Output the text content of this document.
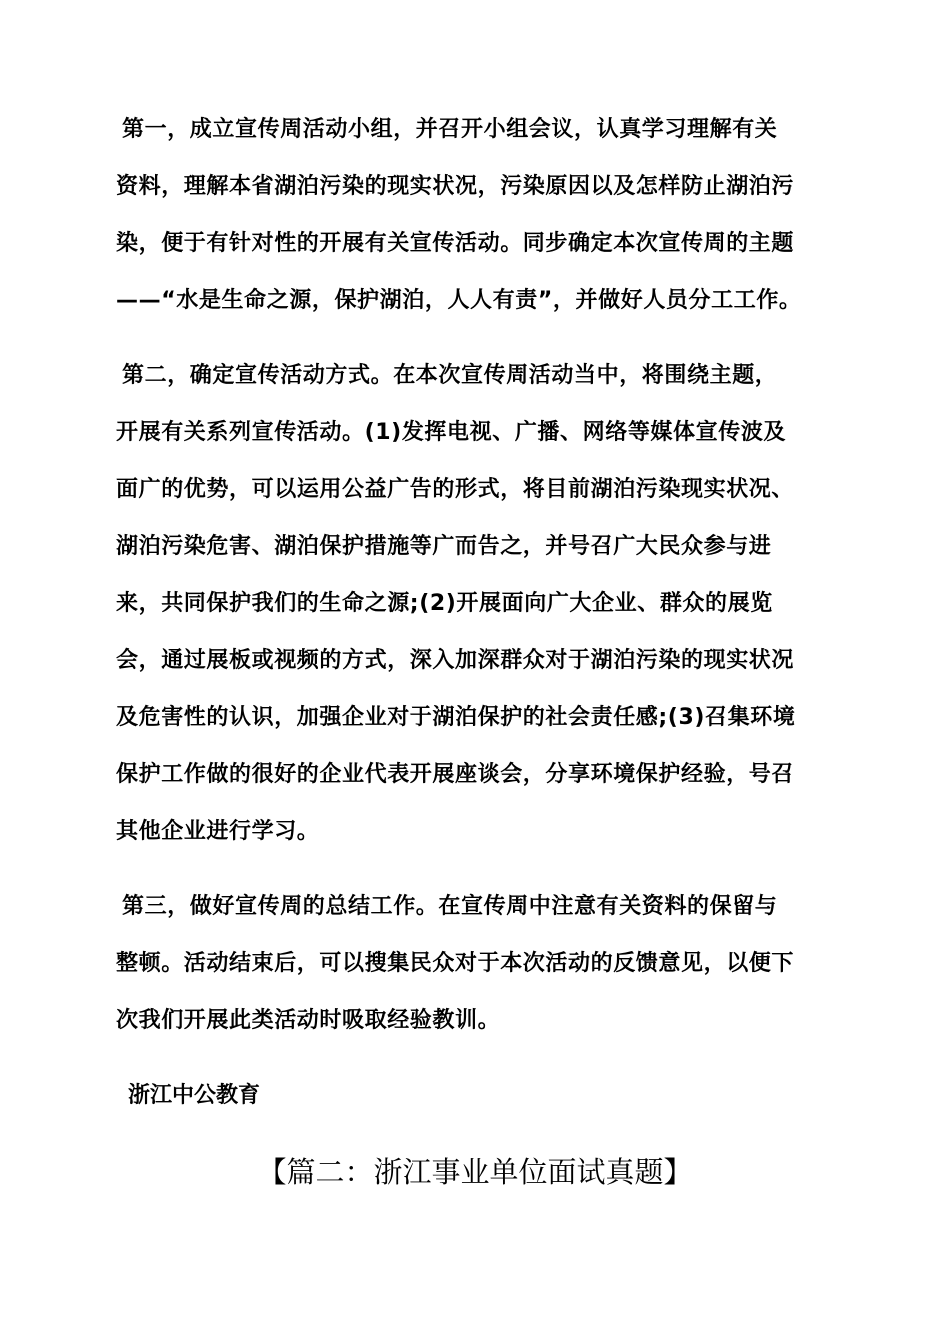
第一，成立宣传周活动小组，并召开小组会议，认真学习理解有关
资料，理解本省湖泊污染的现实状况，污染原因以及怎样防止湖泊污
染，便于有针对性的开展有关宣传活动。同步确定本次宣传周的主题
——“水是生命之源，保护湖泊，人人有责”，并做好人员分工工作。
第二，确定宣传活动方式。在本次宣传周活动当中，将围绕主题，
开展有关系列宣传活动。(1)发挥电视、广播、网络等媒体宣传波及
面广的优势，可以运用公益广告的形式，将目前湖泊污染现实状况、
湖泊污染危害、湖泊保护措施等广而告之，并号召广大民众参与进
来，共同保护我们的生命之源;(2)开展面向广大企业、群众的展览
会，通过展板或视频的方式，深入加深群众对于湖泊污染的现实状况
及危害性的认识，加强企业对于湖泊保护的社会责任感;(3)召集环境
保护工作做的很好的企业代表开展座谈会，分享环境保护经验，号召
其他企业进行学习。
第三，做好宣传周的总结工作。在宣传周中注意有关资料的保留与
整顿。活动结束后，可以搜集民众对于本次活动的反馈意见，以便下
次我们开展此类活动时吸取经验教训。
浙江中公教育
【篇二：浙江事业单位面试真题】
